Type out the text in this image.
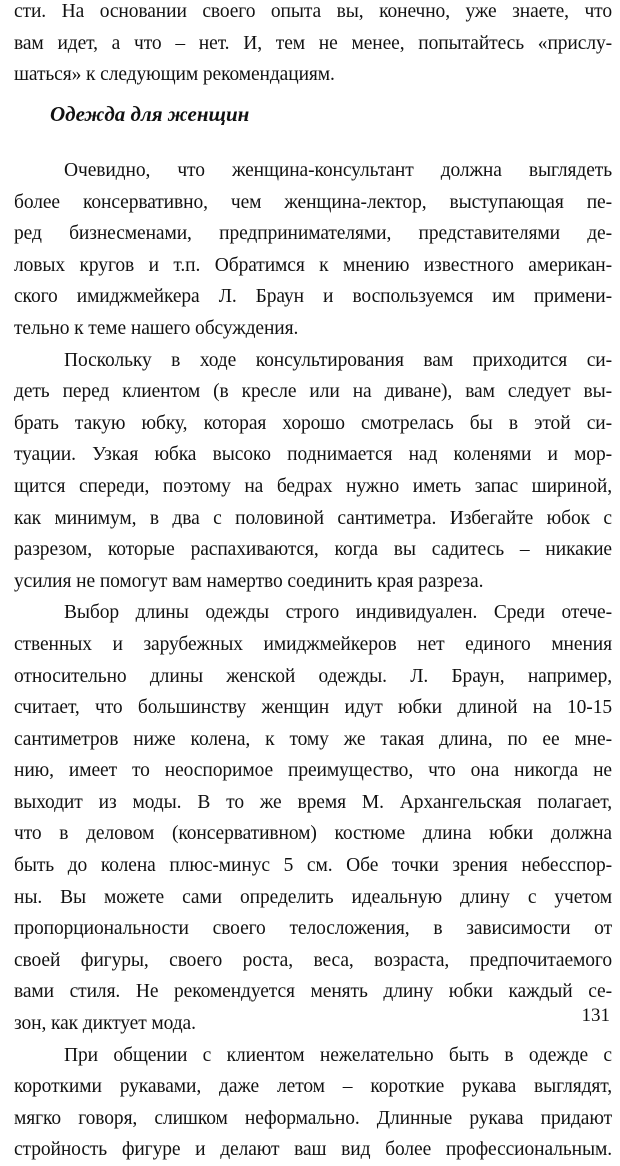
сти. На основании своего опыта вы, конечно, уже знаете, что
вам идет, а что – нет. И, тем не менее, попытайтесь «прислу-
шаться» к следующим рекомендациям.
Одежда для женщин
Очевидно, что женщина-консультант должна выглядеть
более консервативно, чем женщина-лектор, выступающая пе-
ред бизнесменами, предпринимателями, представителями де-
ловых кругов и т.п. Обратимся к мнению известного американ-
ского имиджмейкера Л. Браун и воспользуемся им примени-
тельно к теме нашего обсуждения.
Поскольку в ходе консультирования вам приходится си-
деть перед клиентом (в кресле или на диване), вам следует вы-
брать такую юбку, которая хорошо смотрелась бы в этой си-
туации. Узкая юбка высоко поднимается над коленями и мор-
щится спереди, поэтому на бедрах нужно иметь запас шириной,
как минимум, в два с половиной сантиметра. Избегайте юбок с
разрезом, которые распахиваются, когда вы садитесь – никакие
усилия не помогут вам намертво соединить края разреза.
Выбор длины одежды строго индивидуален. Среди отече-
ственных и зарубежных имиджмейкеров нет единого мнения
относительно длины женской одежды. Л. Браун, например,
считает, что большинству женщин идут юбки длиной на 10-15
сантиметров ниже колена, к тому же такая длина, по ее мне-
нию, имеет то неоспоримое преимущество, что она никогда не
выходит из моды. В то же время М. Архангельская полагает,
что в деловом (консервативном) костюме длина юбки должна
быть до колена плюс-минус 5 см. Обе точки зрения небесспор-
ны. Вы можете сами определить идеальную длину с учетом
пропорциональности своего телосложения, в зависимости от
своей фигуры, своего роста, веса, возраста, предпочитаемого
вами стиля. Не рекомендуется менять длину юбки каждый се-
зон, как диктует мода.
При общении с клиентом нежелательно быть в одежде с
короткими рукавами, даже летом – короткие рукава выглядят,
мягко говоря, слишком неформально. Длинные рукава придают
стройность фигуре и делают ваш вид более профессиональным.
131
